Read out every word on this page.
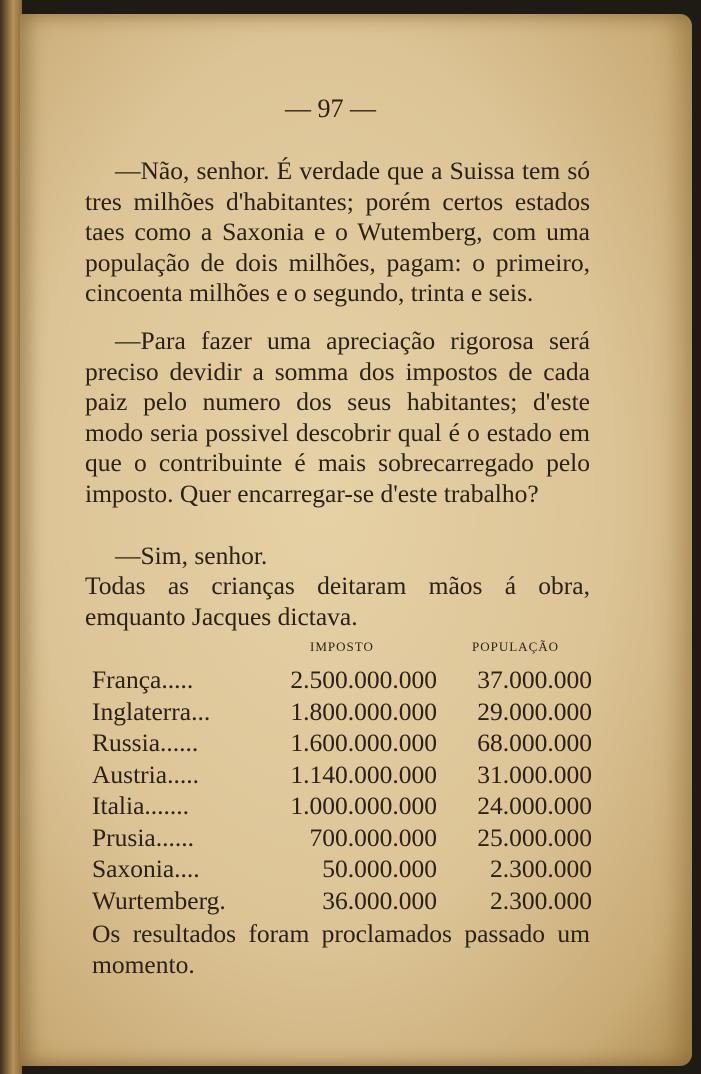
— 97 —

—Não, senhor. É verdade que a Suissa tem só tres milhões d'habitantes; porém certos estados taes como a Saxonia e o Wutemberg, com uma população de dois milhões, pagam: o primeiro, cincoenta milhões e o segundo, trinta e seis.

—Para fazer uma apreciação rigorosa será preciso devidir a somma dos impostos de cada paiz pelo numero dos seus habitantes; d'este modo seria possivel descobrir qual é o estado em que o contribuinte é mais sobrecarregado pelo imposto. Quer encarregar-se d'este trabalho?

—Sim, senhor.

Todas as crianças deitaram mãos á obra, emquanto Jacques dictava.

IMPOSTO	POPULAÇÃO
França.....	2.500.000.000 37.000.000
Inglaterra...	1.800.000.000 29.000.000
Russia......	1.600.000.000 68.000.000
Austria.....	1.140.000.000 31.000.000
Italia.......	1.000.000.000 24.000.000
Prusia......	700.000.000 25.000.000
Saxonia....	50.000.000 2.300.000
Wurtemberg.	36.000.000 2.300.000

Os resultados foram proclamados passado um momento.
